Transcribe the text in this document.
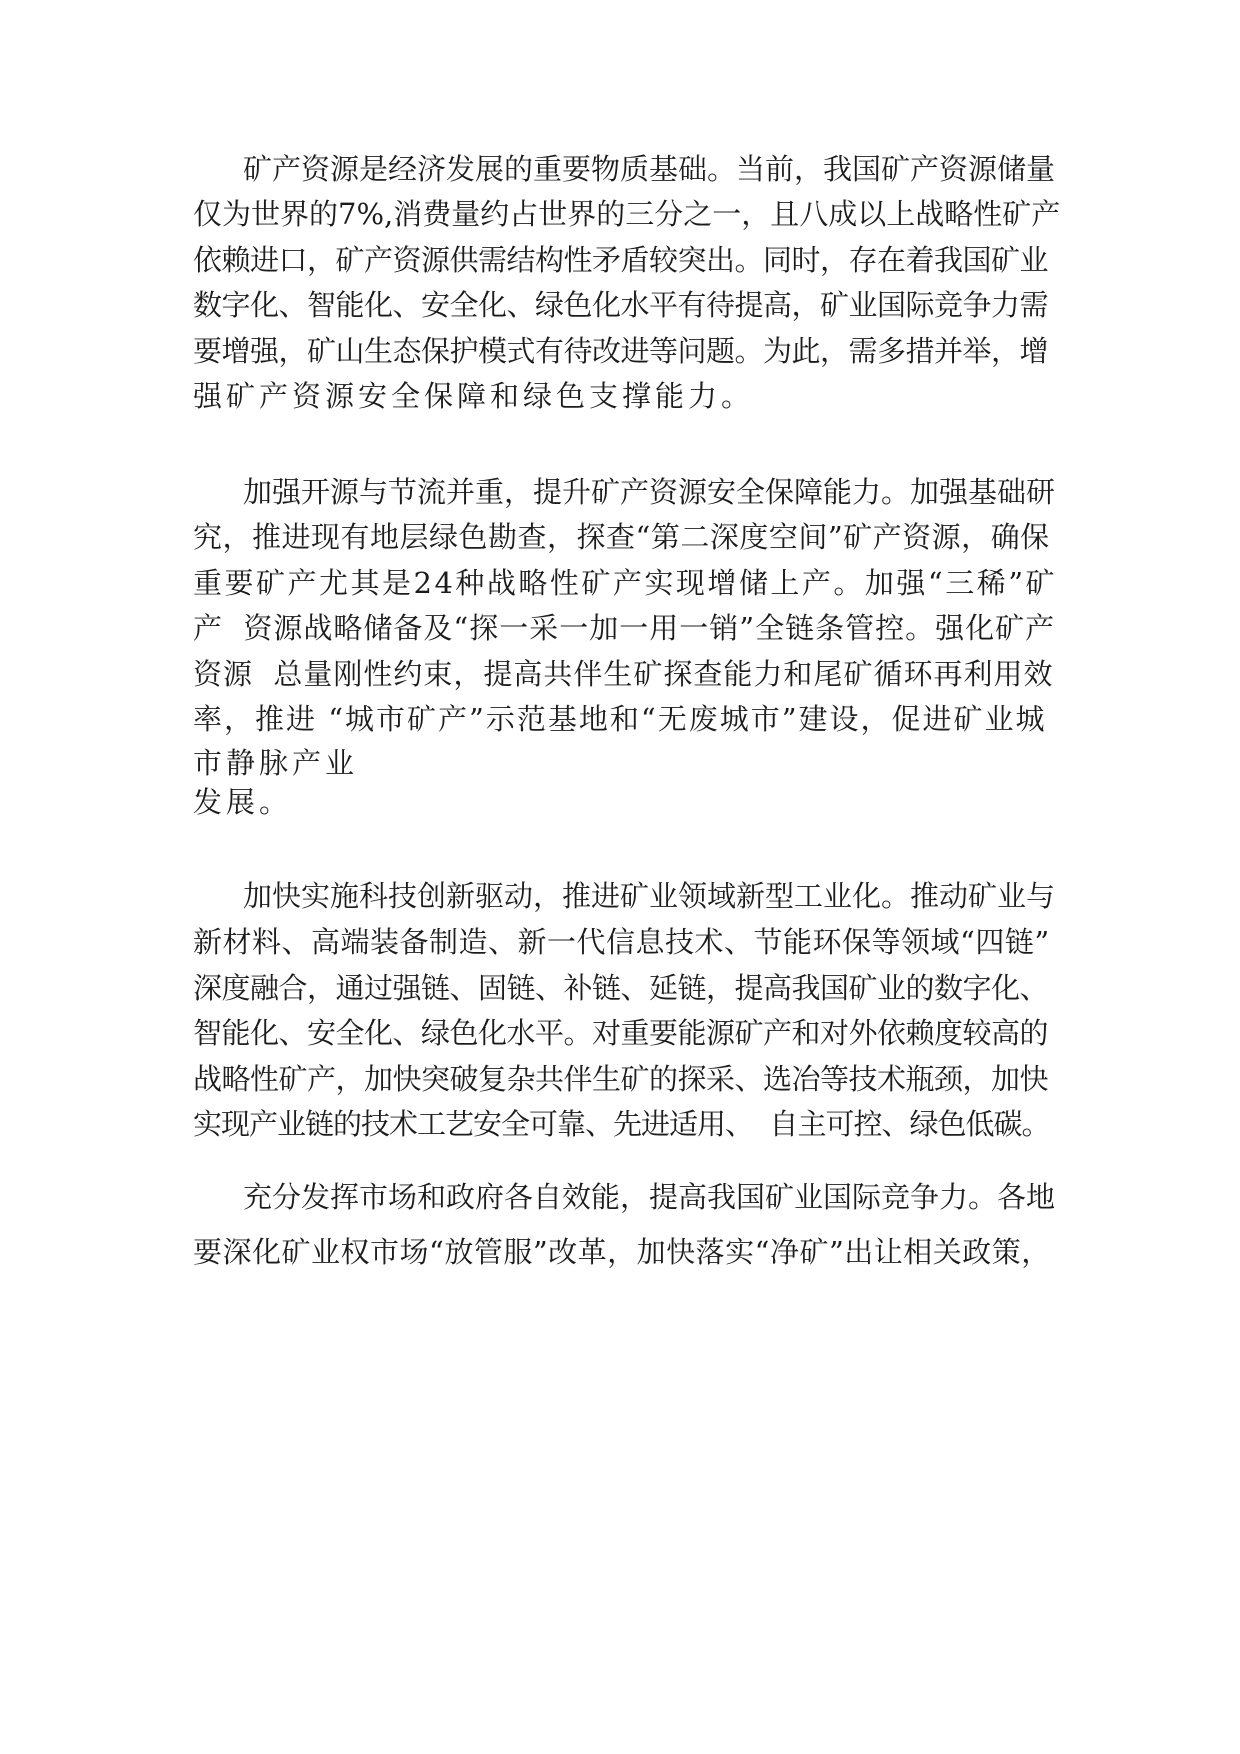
矿产资源是经济发展的重要物质基础。当前，我国矿产资源储量

仅为世界的7%,消费量约占世界的三分之一，且八成以上战略性矿产

依赖进口，矿产资源供需结构性矛盾较突出。同时，存在着我国矿业

数字化、智能化、安全化、绿色化水平有待提高，矿业国际竞争力需

要增强，矿山生态保护模式有待改进等问题。为此，需多措并举，增

强矿产资源安全保障和绿色支撑能力。

加强开源与节流并重，提升矿产资源安全保障能力。加强基础研

究，推进现有地层绿色勘查，探查“第二深度空间”矿产资源，确保

重要矿产尤其是24种战略性矿产实现增储上产。加强“三稀”矿

产  资源战略储备及“探一采一加一用一销”全链条管控。强化矿产

资源  总量刚性约束，提高共伴生矿探查能力和尾矿循环再利用效

率，推进 “城市矿产”示范基地和“无废城市”建设，促进矿业城

市静脉产业

发展。

加快实施科技创新驱动，推进矿业领域新型工业化。推动矿业与

新材料、高端装备制造、新一代信息技术、节能环保等领域“四链”

深度融合，通过强链、固链、补链、延链，提高我国矿业的数字化、

智能化、安全化、绿色化水平。对重要能源矿产和对外依赖度较高的

战略性矿产，加快突破复杂共伴生矿的探采、选冶等技术瓶颈，加快

实现产业链的技术工艺安全可靠、先进适用、  自主可控、绿色低碳。

充分发挥市场和政府各自效能，提高我国矿业国际竞争力。各地

要深化矿业权市场“放管服”改革，加快落实“净矿”出让相关政策，
